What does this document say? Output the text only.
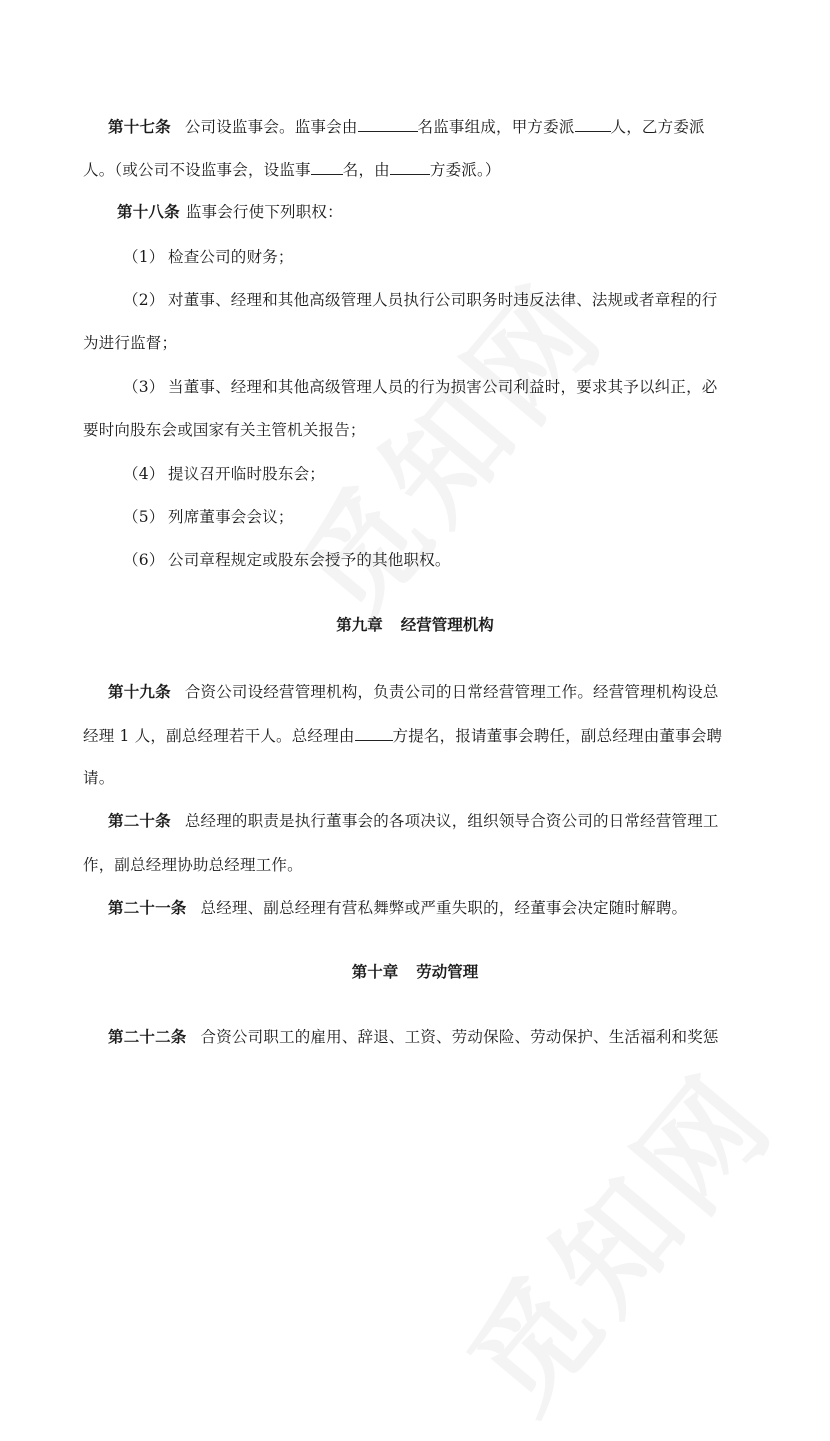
第十七条 公司设监事会。监事会由	名监事组成，甲方委派 人，乙方委派
人。（或公司不设监事会，设监事 名，由	方委派。）
第十八条 监事会行使下列职权：
（1） 检查公司的财务；
（2） 对董事、经理和其他高级管理人员执行公司职务时违反法律、法规或者章程的行
为进行监督；
（3） 当董事、经理和其他高级管理人员的行为损害公司利益时，要求其予以纠正，必
要时向股东会或国家有关主管机关报告；
（4） 提议召开临时股东会；
（5） 列席董事会会议；
（6） 公司章程规定或股东会授予的其他职权。
第九章 经营管理机构
第十九条 合资公司设经营管理机构，负责公司的日常经营管理工作。经营管理机构设总
经理 1 人，副总经理若干人。总经理由 方提名，报请董事会聘任，副总经理由董事会聘
请。
第二十条 总经理的职责是执行董事会的各项决议，组织领导合资公司的日常经营管理工
作，副总经理协助总经理工作。
第二十一条 总经理、副总经理有营私舞弊或严重失职的，经董事会决定随时解聘。
第十章 劳动管理
第二十二条 合资公司职工的雇用、辞退、工资、劳动保险、劳动保护、生活福利和奖惩
